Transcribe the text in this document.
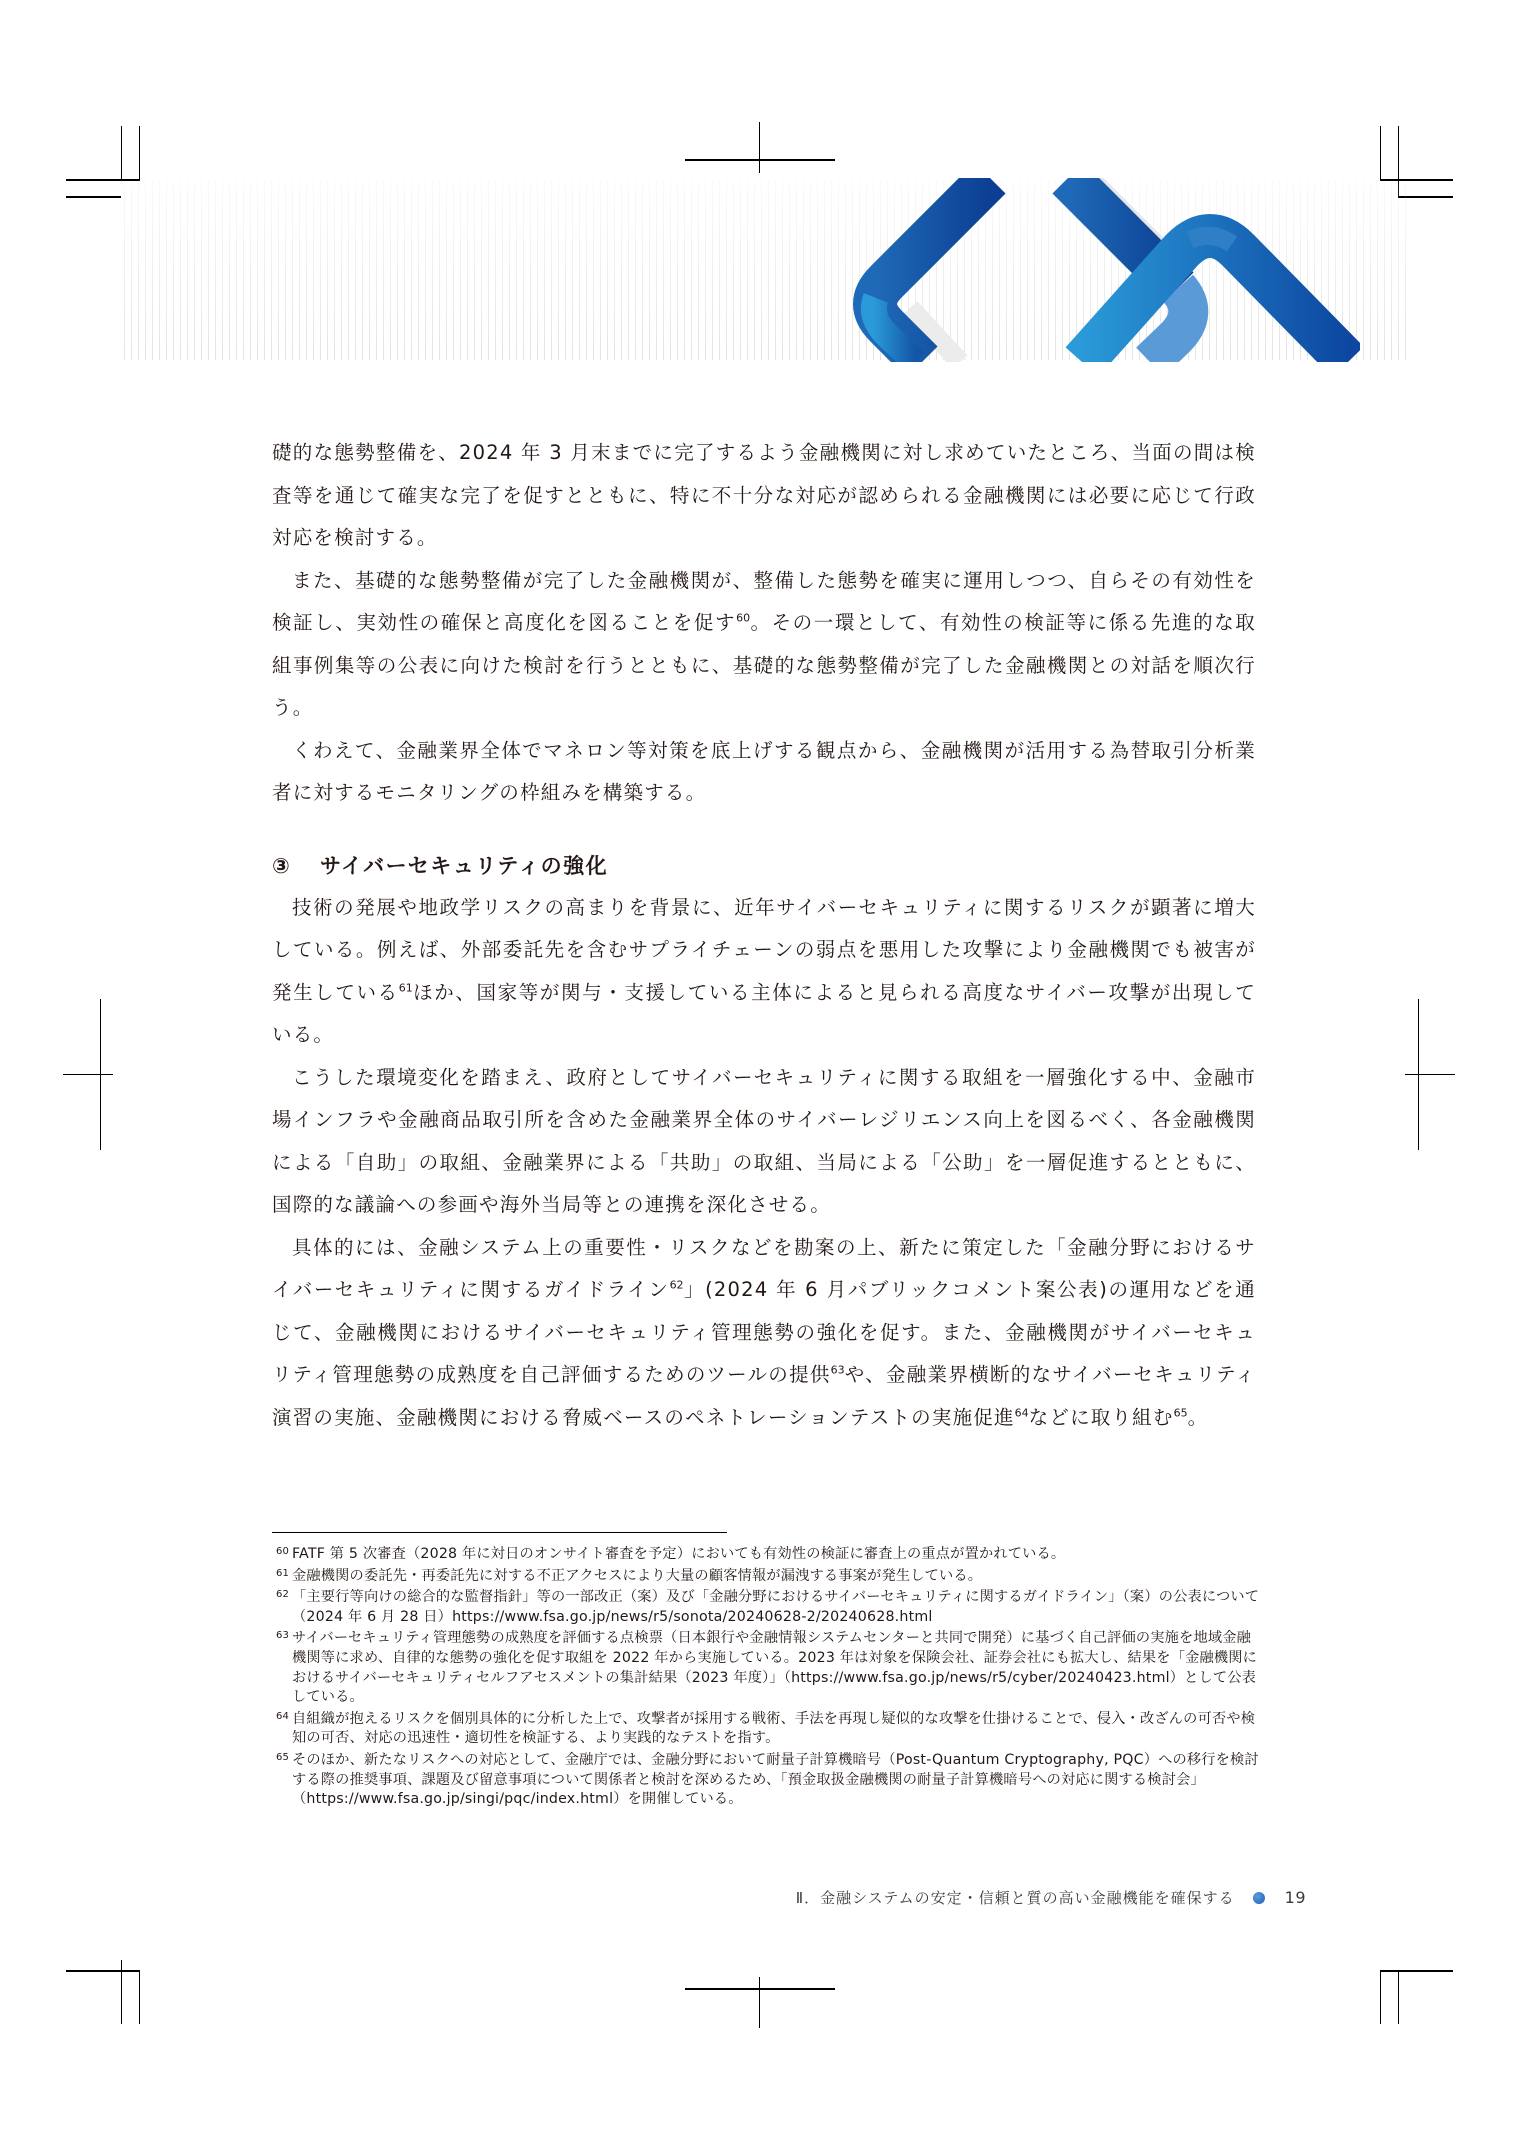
礎的な態勢整備を、2024 年 3 月末までに完了するよう金融機関に対し求めていたところ、当面の間は検査等を通じて確実な完了を促すとともに、特に不十分な対応が認められる金融機関には必要に応じて行政対応を検討する。

また、基礎的な態勢整備が完了した金融機関が、整備した態勢を確実に運用しつつ、自らその有効性を検証し、実効性の確保と高度化を図ることを促す$^{60}$。その一環として、有効性の検証等に係る先進的な取組事例集等の公表に向けた検討を行うとともに、基礎的な態勢整備が完了した金融機関との対話を順次行う。

くわえて、金融業界全体でマネロン等対策を底上げする観点から、金融機関が活用する為替取引分析業者に対するモニタリングの枠組みを構築する。

③ サイバーセキュリティの強化

技術の発展や地政学リスクの高まりを背景に、近年サイバーセキュリティに関するリスクが顕著に増大している。例えば、外部委託先を含むサプライチェーンの弱点を悪用した攻撃により金融機関でも被害が発生している$^{61}$ほか、国家等が関与・支援している主体によると見られる高度なサイバー攻撃が出現している。

こうした環境変化を踏まえ、政府としてサイバーセキュリティに関する取組を一層強化する中、金融市場インフラや金融商品取引所を含めた金融業界全体のサイバーレジリエンス向上を図るべく、各金融機関による「自助」の取組、金融業界による「共助」の取組、当局による「公助」を一層促進するとともに、国際的な議論への参画や海外当局等との連携を深化させる。

具体的には、金融システム上の重要性・リスクなどを勘案の上、新たに策定した「金融分野におけるサイバーセキュリティに関するガイドライン$^{62}$」(2024 年 6 月パブリックコメント案公表)の運用などを通じて、金融機関におけるサイバーセキュリティ管理態勢の強化を促す。また、金融機関がサイバーセキュリティ管理態勢の成熟度を自己評価するためのツールの提供$^{63}$や、金融業界横断的なサイバーセキュリティ演習の実施、金融機関における脅威ベースのペネトレーションテストの実施促進$^{64}$などに取り組む$^{65}$。

60 FATF 第 5 次審査（2028 年に対日のオンサイト審査を予定）においても有効性の検証に審査上の重点が置かれている。
61 金融機関の委託先・再委託先に対する不正アクセスにより大量の顧客情報が漏洩する事案が発生している。
62 「主要行等向けの総合的な監督指針」等の一部改正（案）及び「金融分野におけるサイバーセキュリティに関するガイドライン」（案）の公表について（2024 年 6 月 28 日）https://www.fsa.go.jp/news/r5/sonota/20240628-2/20240628.html
63 サイバーセキュリティ管理態勢の成熟度を評価する点検票（日本銀行や金融情報システムセンターと共同で開発）に基づく自己評価の実施を地域金融機関等に求め、自律的な態勢の強化を促す取組を 2022 年から実施している。2023 年は対象を保険会社、証券会社にも拡大し、結果を「金融機関におけるサイバーセキュリティセルフアセスメントの集計結果（2023 年度）」（https://www.fsa.go.jp/news/r5/cyber/20240423.html）として公表している。
64 自組織が抱えるリスクを個別具体的に分析した上で、攻撃者が採用する戦術、手法を再現し疑似的な攻撃を仕掛けることで、侵入・改ざんの可否や検知の可否、対応の迅速性・適切性を検証する、より実践的なテストを指す。
65 そのほか、新たなリスクへの対応として、金融庁では、金融分野において耐量子計算機暗号（Post-Quantum Cryptography, PQC）への移行を検討する際の推奨事項、課題及び留意事項について関係者と検討を深めるため、「預金取扱金融機関の耐量子計算機暗号への対応に関する検討会」（https://www.fsa.go.jp/singi/pqc/index.html）を開催している。
Ⅱ．金融システムの安定・信頼と質の高い金融機能を確保する	19
